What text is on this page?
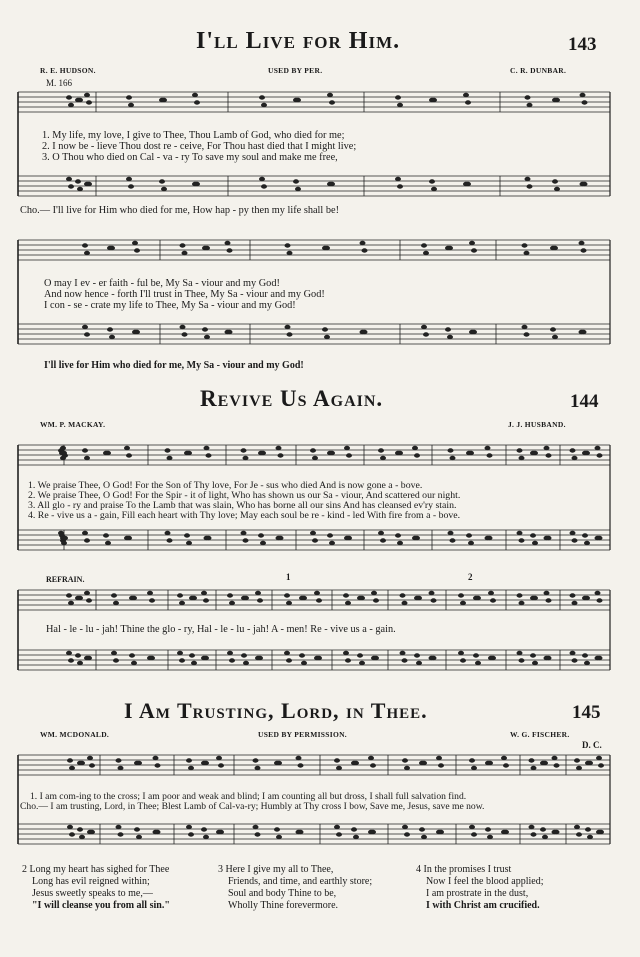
I'll Live for Him.	143
R. E. HUDSON.	USED BY PER.	C. R. DUNBAR.
M. 166
1. My life, my love, I give to Thee, Thou Lamb of God, who died for me;
2. I now be - lieve Thou dost re - ceive, For Thou hast died that I might live;
3. O Thou who died on Cal - va - ry To save my soul and make me free,
Cho.— I'll live for Him who died for me, How hap - py then my life shall be!
O may I ev - er faith - ful be, My Sa - viour and my God!
And now hence - forth I'll trust in Thee, My Sa - viour and my God!
I con - se - crate my life to Thee, My Sa - viour and my God!
I'll live for Him who died for me, My Sa - viour and my God!
Revive Us Again.	144
WM. P. MACKAY.	J. J. HUSBAND.
1. We praise Thee, O God! For the Son of Thy love, For Je - sus who died And is now gone a - bove.
2. We praise Thee, O God! For the Spir - it of light, Who has shown us our Sa - viour, And scattered our night.
3. All glo - ry and praise To the Lamb that was slain, Who has borne all our sins And has cleansed ev'ry stain.
4. Re - vive us a - gain, Fill each heart with Thy love; May each soul be re - kind - led With fire from a - bove.
REFRAIN.	1	2
Hal - le - lu - jah! Thine the glo - ry, Hal - le - lu - jah! A - men! Re - vive us a - gain.
I Am Trusting, Lord, in Thee.	145
WM. MCDONALD.	USED BY PERMISSION.	W. G. FISCHER.
D. C.
1. I am com-ing to the cross; I am poor and weak and blind; I am counting all but dross, I shall full salvation find.
Cho.— I am trusting, Lord, in Thee; Blest Lamb of Cal-va-ry; Humbly at Thy cross I bow, Save me, Jesus, save me now.
2 Long my heart has sighed for Thee
Long has evil reigned within;
Jesus sweetly speaks to me,—
"I will cleanse you from all sin."
3 Here I give my all to Thee,
Friends, and time, and earthly store;
Soul and body Thine to be,
Wholly Thine forevermore.
4 In the promises I trust
Now I feel the blood applied;
I am prostrate in the dust,
I with Christ am crucified.
